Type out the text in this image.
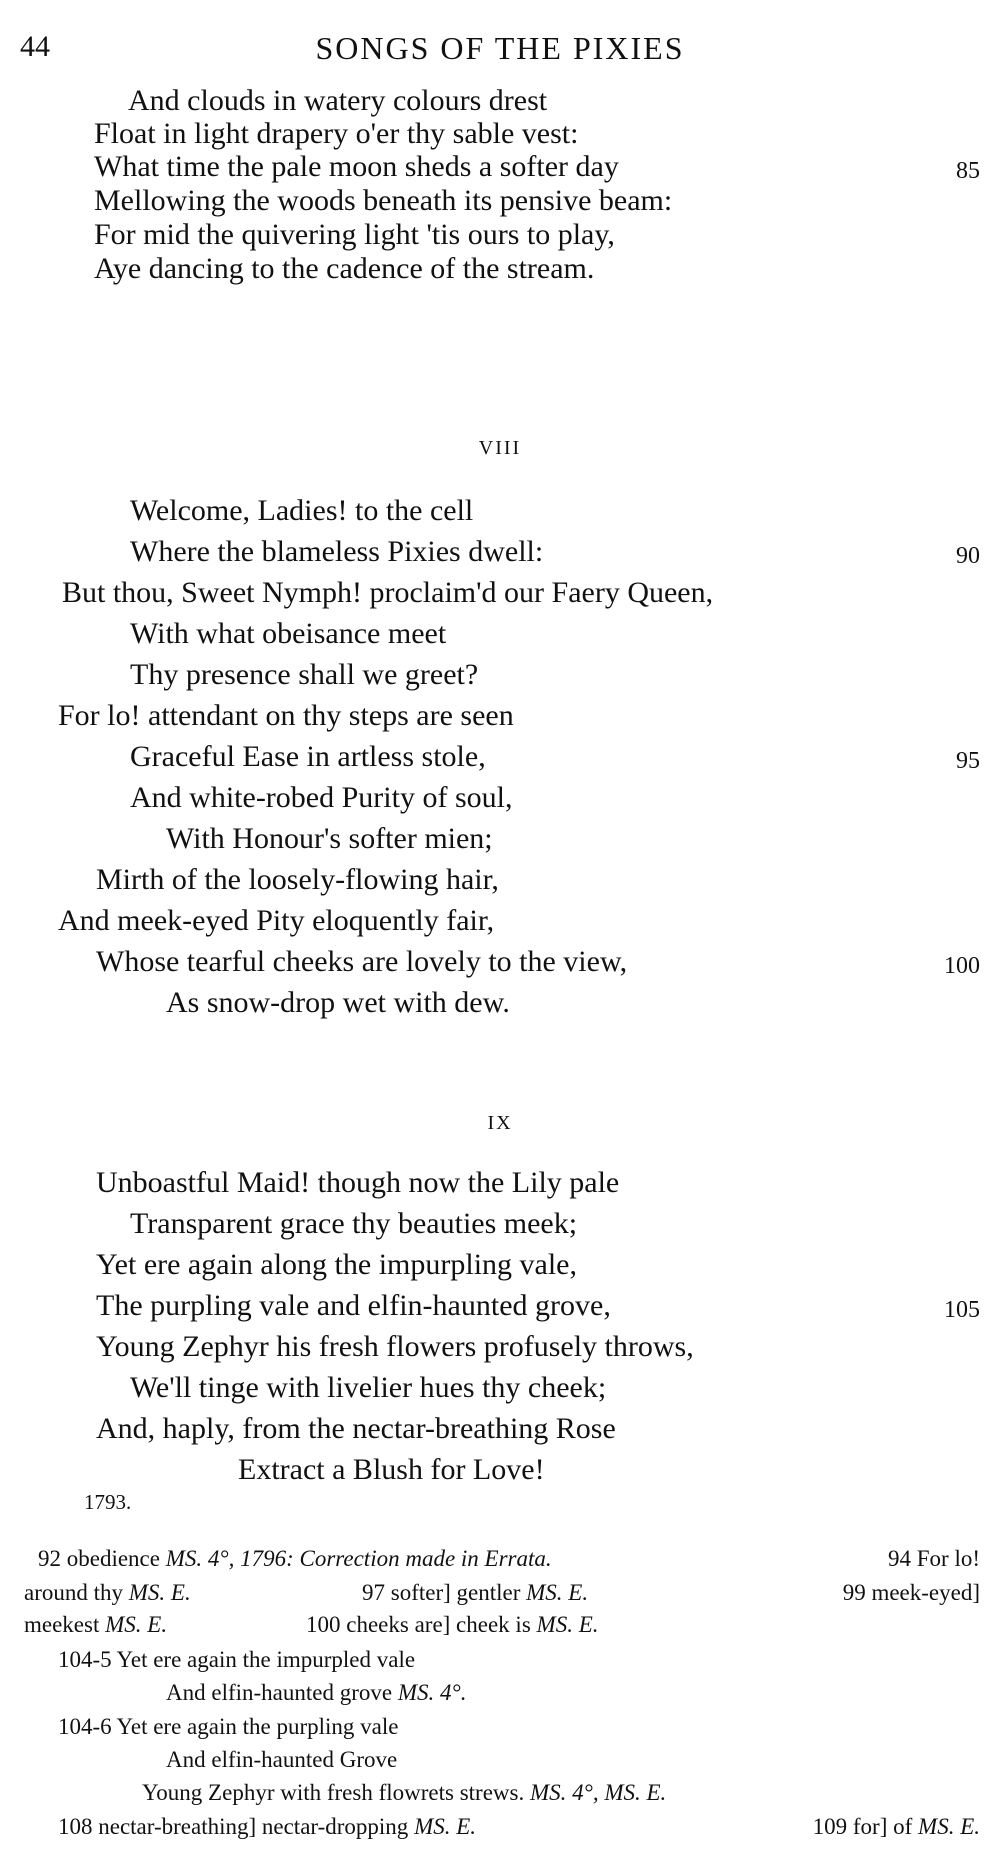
44	SONGS OF THE PIXIES
And clouds in watery colours drest
Float in light drapery o'er thy sable vest:
What time the pale moon sheds a softer day	85
Mellowing the woods beneath its pensive beam:
For mid the quivering light 'tis ours to play,
Aye dancing to the cadence of the stream.
VIII
Welcome, Ladies! to the cell
Where the blameless Pixies dwell:	90
But thou, Sweet Nymph! proclaim'd our Faery Queen,
With what obeisance meet
Thy presence shall we greet?
For lo! attendant on thy steps are seen
Graceful Ease in artless stole,	95
And white-robed Purity of soul,
With Honour's softer mien;
Mirth of the loosely-flowing hair,
And meek-eyed Pity eloquently fair,
Whose tearful cheeks are lovely to the view,	100
As snow-drop wet with dew.
IX
Unboastful Maid! though now the Lily pale
Transparent grace thy beauties meek;
Yet ere again along the impurpling vale,
The purpling vale and elfin-haunted grove,	105
Young Zephyr his fresh flowers profusely throws,
We'll tinge with livelier hues thy cheek;
And, haply, from the nectar-breathing Rose
Extract a Blush for Love!
1793.
92 obedience MS. 4°, 1796: Correction made in Errata.	94 For lo!
around thy MS. E.	97 softer] gentler MS. E.	99 meek-eyed]
meekest MS. E.	100 cheeks are] cheek is MS. E.
104-5 Yet ere again the impurpled vale
And elfin-haunted grove MS. 4°.
104-6 Yet ere again the purpling vale
And elfin-haunted Grove
Young Zephyr with fresh flowrets strews. MS. 4°, MS. E.
108 nectar-breathing] nectar-dropping MS. E.	109 for] of MS. E.
